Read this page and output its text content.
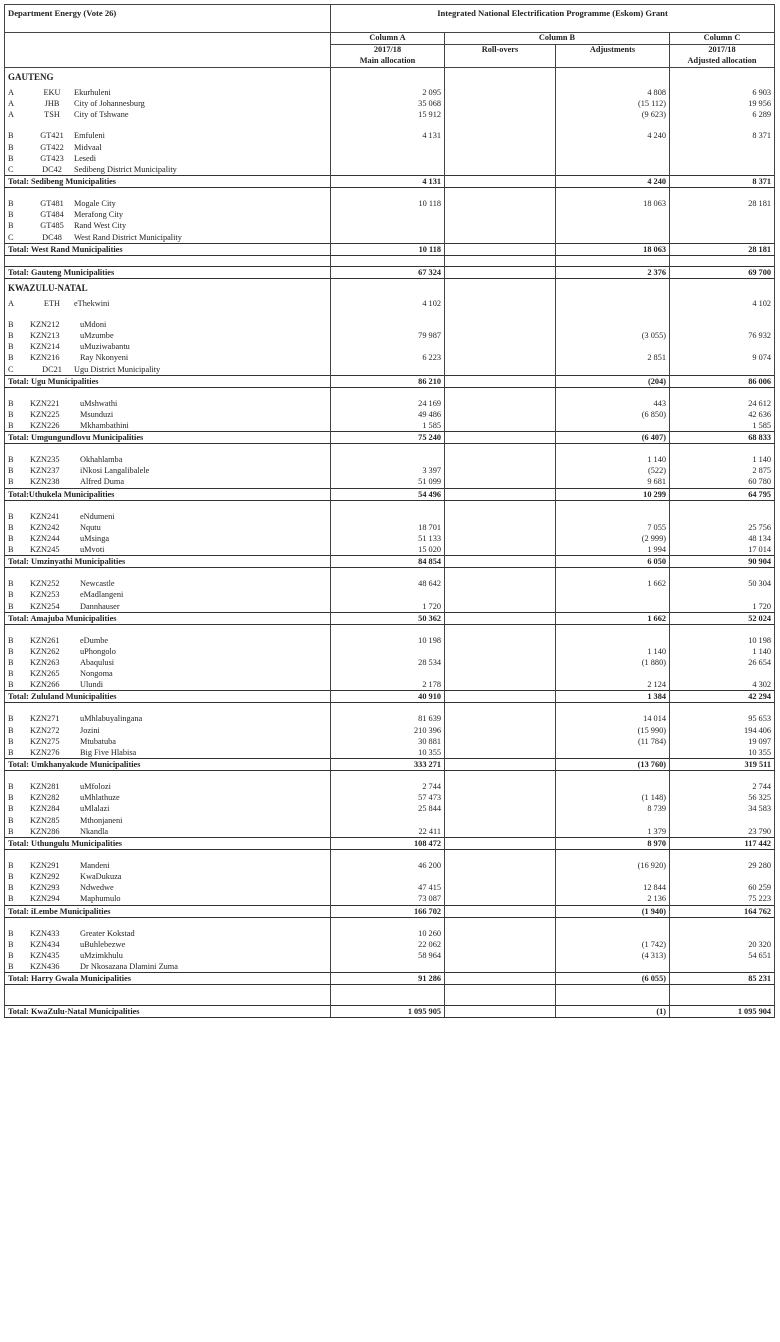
Department Energy (Vote 26)	Integrated National Electrification Programme (Eskom) Grant			
	Column A	Column B		Column C
	2017/18	Roll-overs	Adjustments	2017/18
	Main allocation			Adjusted allocation
GAUTENG				

A EKU Ekurhuleni	2 095		4 808	6 903
A JHB City of Johannesburg	35 068		(15 112)	19 956
A TSH City of Tshwane	15 912		(9 623)	6 289

B GT421 Emfuleni	4 131		4 240	8 371
B GT422 Midvaal				
B GT423 Lesedi				
C DC42 Sedibeng District Municipality				
Total: Sedibeng Municipalities	4 131		4 240	8 371

B GT481 Mogale City	10 118		18 063	28 181
B GT484 Merafong City				
B GT485 Rand West City				
C DC48 West Rand District Municipality				
Total: West Rand Municipalities	10 118		18 063	28 181

Total: Gauteng Municipalities	67 324		2 376	69 700
KWAZULU-NATAL				

A ETH eThekwini	4 102			4 102

B KZN212 uMdoni				
B KZN213 uMzumbe	79 987		(3 055)	76 932
B KZN214 uMuziwabantu				
B KZN216 Ray Nkonyeni	6 223		2 851	9 074
C DC21 Ugu District Municipality				
Total: Ugu Municipalities	86 210		(204)	86 006

B KZN221 uMshwathi	24 169		443	24 612
B KZN225 Msunduzi	49 486		(6 850)	42 636
B KZN226 Mkhambathini	1 585			1 585
Total: Umgungundlovu Municipalities	75 240		(6 407)	68 833

B KZN235 Okhahlamba			1 140	1 140
B KZN237 iNkosi Langalibalele	3 397		(522)	2 875
B KZN238 Alfred Duma	51 099		9 681	60 780
Total:Uthukela Municipalities	54 496		10 299	64 795

B KZN241 eNdumeni				
B KZN242 Nqutu	18 701		7 055	25 756
B KZN244 uMsinga	51 133		(2 999)	48 134
B KZN245 uMvoti	15 020		1 994	17 014
Total: Umzinyathi Municipalities	84 854		6 050	90 904

B KZN252 Newcastle	48 642		1 662	50 304
B KZN253 eMadlangeni				
B KZN254 Dannhauser	1 720			1 720
Total: Amajuba Municipalities	50 362		1 662	52 024

B KZN261 eDumbe	10 198			10 198
B KZN262 uPhongolo			1 140	1 140
B KZN263 Abaqulusi	28 534		(1 880)	26 654
B KZN265 Nongoma				
B KZN266 Ulundi	2 178		2 124	4 302
Total: Zululand Municipalities	40 910		1 384	42 294

B KZN271 uMhlabuyalingana	81 639		14 014	95 653
B KZN272 Jozini	210 396		(15 990)	194 406
B KZN275 Mtubatuba	30 881		(11 784)	19 097
B KZN276 Big Five Hlabisa	10 355			10 355
Total: Umkhanyakude Municipalities	333 271		(13 760)	319 511

B KZN281 uMfolozi	2 744			2 744
B KZN282 uMhlathuze	57 473		(1 148)	56 325
B KZN284 uMlalazi	25 844		8 739	34 583
B KZN285 Mthonjaneni				
B KZN286 Nkandla	22 411		1 379	23 790
Total: Uthungulu Municipalities	108 472		8 970	117 442

B KZN291 Mandeni	46 200		(16 920)	29 280
B KZN292 KwaDukuza				
B KZN293 Ndwedwe	47 415		12 844	60 259
B KZN294 Maphumulo	73 087		2 136	75 223
Total: iLembe Municipalities	166 702		(1 940)	164 762

B KZN433 Greater Kokstad	10 260			
B KZN434 uBuhlebezwe	22 062		(1 742)	20 320
B KZN435 uMzimkhulu	58 964		(4 313)	54 651
B KZN436 Dr Nkosazana Dlamini Zuma				
Total: Harry Gwala Municipalities	91 286		(6 055)	85 231

Total: KwaZulu-Natal Municipalities	1 095 905		(1)	1 095 904
